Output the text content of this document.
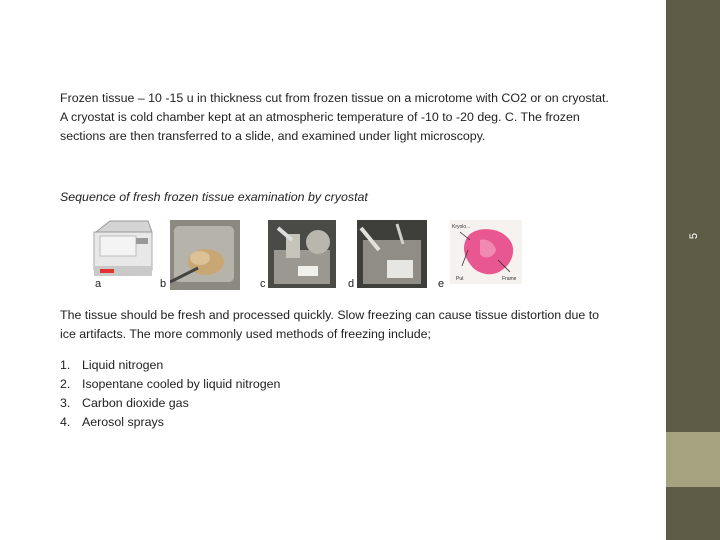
Frozen tissue – 10 -15 u in thickness cut from frozen tissue on a microtome with CO2 or on cryostat.
A cryostat is cold chamber kept at an atmospheric temperature of -10 to -20 deg. C. The frozen
sections are then transferred to a slide, and examined under light microscopy.

Sequence of fresh frozen tissue examination by cryostat
a	b	c	d
Kryolo...
Put	Frame
e

The tissue should be fresh and processed quickly. Slow freezing can cause tissue distortion due to
ice artifacts. The more commonly used methods of freezing include;

1. Liquid nitrogen
2. Isopentane cooled by liquid nitrogen
3. Carbon dioxide gas
4. Aerosol sprays
5
